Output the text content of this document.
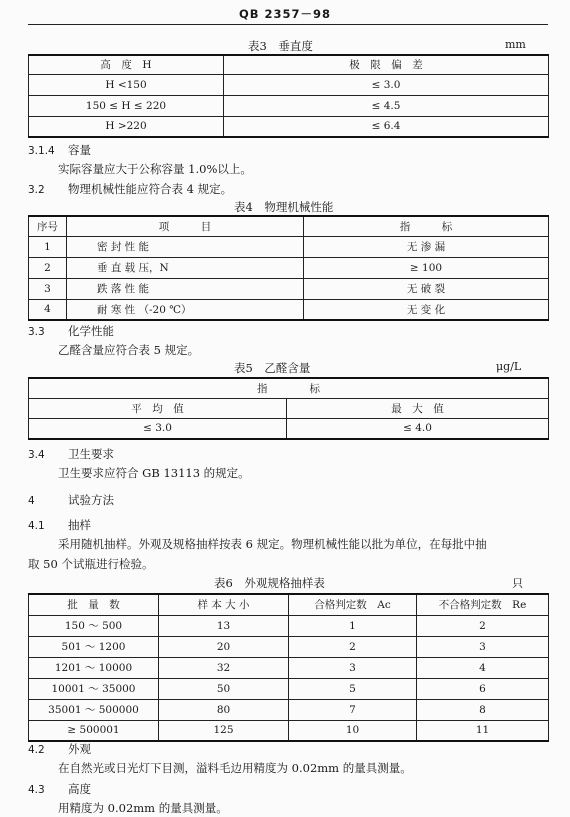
QB 2357－98
表3　垂直度	mm
高　度　H	极　限　偏　差
H <150	≤ 3.0
150 ≤ H ≤ 220	≤ 4.5
H >220	≤ 6.4
3.1.4 容量
实际容量应大于公称容量 1.0%以上。
3.2 物理机械性能应符合表 4 规定。
表4　物理机械性能
序号	项　　　目	指　　　标
1	密 封 性 能	无 渗 漏
2	垂 直 载 压，N	≥ 100
3	跌 落 性 能	无 破 裂
4	耐 寒 性 （-20 ℃）	无 变 化
3.3 化学性能
乙醛含量应符合表 5 规定。
表5　乙醛含量	μg/L
指　　　　标	
平　均　值	最　大　值
≤ 3.0	≤ 4.0
3.4 卫生要求
卫生要求应符合 GB 13113 的规定。
4	试验方法
4.1 抽样
采用随机抽样。外观及规格抽样按表 6 规定。物理机械性能以批为单位，在每批中抽
取 50 个试瓶进行检验。
表6　外观规格抽样表	只
批　量　数	样 本 大 小	合格判定数　Ac	不合格判定数　Re
150 ～ 500	13	1	2
501 ～ 1200	20	2	3
1201 ～ 10000	32	3	4
10001 ～ 35000	50	5	6
35001 ～ 500000	80	7	8
≥ 500001	125	10	11
4.2 外观
在自然光或日光灯下目测，溢料毛边用精度为 0.02mm 的量具测量。
4.3 高度
用精度为 0.02mm 的量具测量。
